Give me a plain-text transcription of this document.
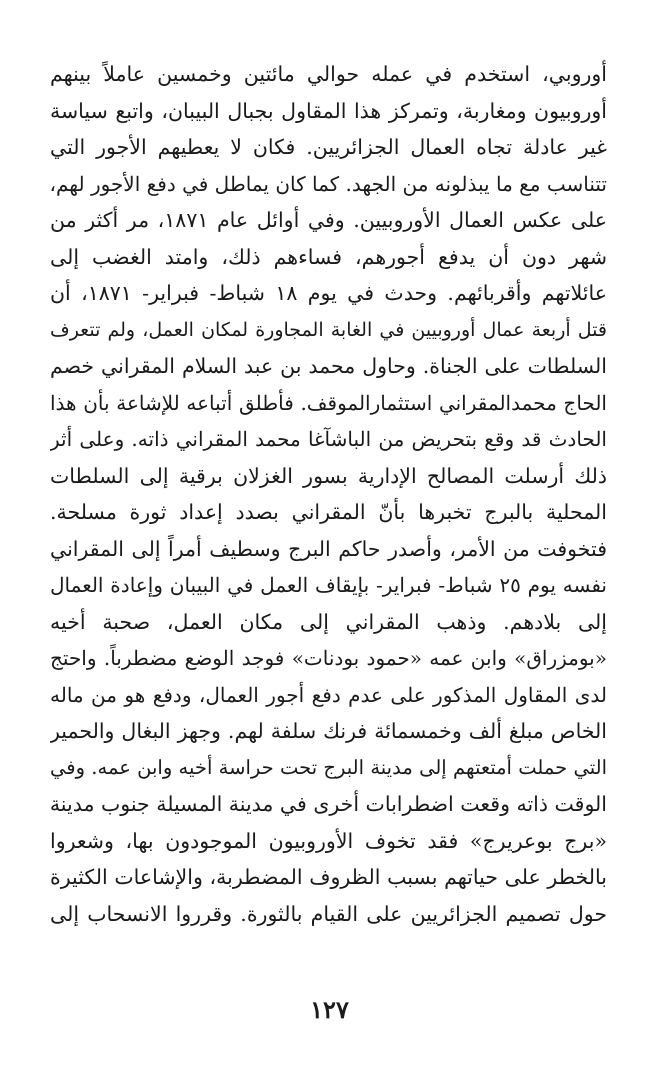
أوروبي، استخدم في عمله حوالي مائتين وخمسين عاملاً بينهم
أوروبيون ومغاربة، وتمركز هذا المقاول بجبال البيبان، واتبع سياسة
غير عادلة تجاه العمال الجزائريين. فكان لا يعطيهم الأجور التي
تتناسب مع ما يبذلونه من الجهد. كما كان يماطل في دفع الأجور لهم،
على عكس العمال الأوروبيين. وفي أوائل عام ١٨٧١، مر أكثر من
شهر دون أن يدفع أجورهم، فساءهم ذلك، وامتد الغضب إلى
عائلاتهم وأقربائهم. وحدث في يوم ١٨ شباط- فبراير- ١٨٧١، أن
قتل أربعة عمال أوروبيين في الغابة المجاورة لمكان العمل، ولم تتعرف
السلطات على الجناة. وحاول محمد بن عبد السلام المقراني خصم
الحاج محمدالمقراني استثمارالموقف. فأطلق أتباعه للإشاعة بأن هذا
الحادث قد وقع بتحريض من الباشآغا محمد المقراني ذاته. وعلى أثر
ذلك أرسلت المصالح الإدارية بسور الغزلان برقية إلى السلطات
المحلية بالبرج تخبرها بأنّ المقراني بصدد إعداد ثورة مسلحة.
فتخوفت من الأمر، وأصدر حاكم البرج وسطيف أمراً إلى المقراني
نفسه يوم ٢٥ شباط- فبراير- بإيقاف العمل في البيبان وإعادة العمال
إلى بلادهم. وذهب المقراني إلى مكان العمل، صحبة أخيه
«بومزراق» وابن عمه «حمود بودنات» فوجد الوضع مضطرباً. واحتج
لدى المقاول المذكور على عدم دفع أجور العمال، ودفع هو من ماله
الخاص مبلغ ألف وخمسمائة فرنك سلفة لهم. وجهز البغال والحمير
التي حملت أمتعتهم إلى مدينة البرج تحت حراسة أخيه وابن عمه. وفي
الوقت ذاته وقعت اضطرابات أخرى في مدينة المسيلة جنوب مدينة
«برج بوعريرج» فقد تخوف الأوروبيون الموجودون بها، وشعروا
بالخطر على حياتهم بسبب الظروف المضطربة، والإشاعات الكثيرة
حول تصميم الجزائريين على القيام بالثورة. وقرروا الانسحاب إلى
١٢٧
